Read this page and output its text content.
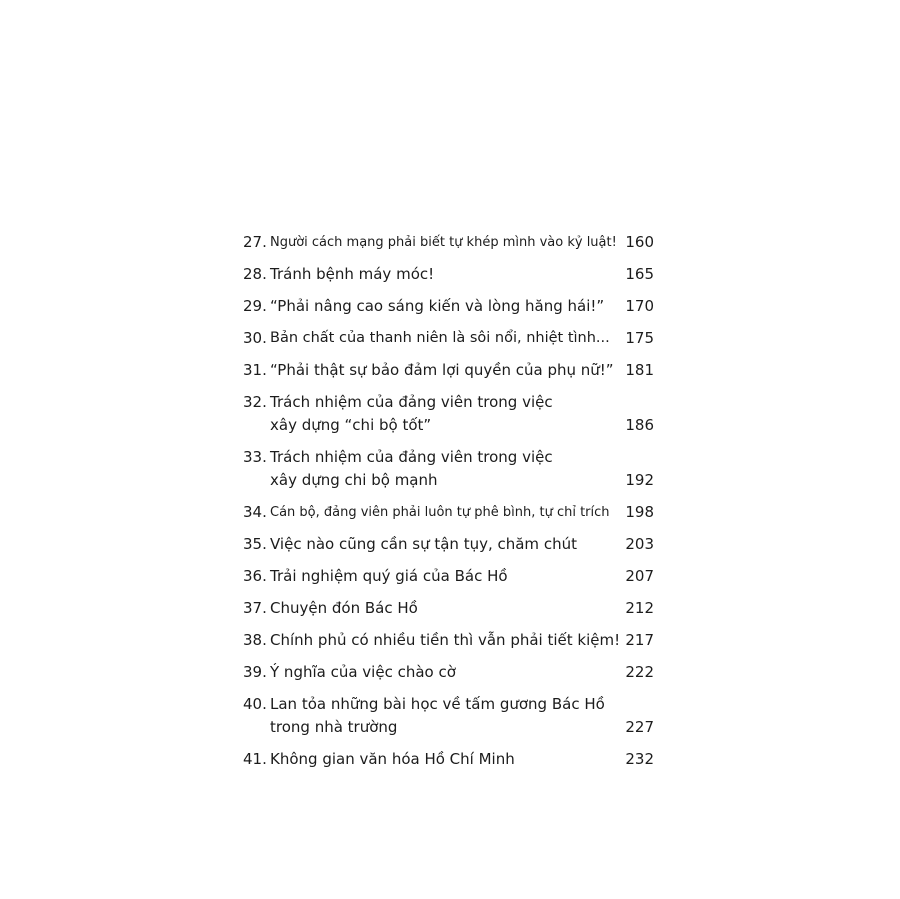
27. Người cách mạng phải biết tự khép mình vào kỷ luật! 160
28. Tránh bệnh máy móc!	165
29. “Phải nâng cao sáng kiến và lòng hăng hái!”	170
30. Bản chất của thanh niên là sôi nổi, nhiệt tình...	175
31. “Phải thật sự bảo đảm lợi quyền của phụ nữ!” 181
32. Trách nhiệm của đảng viên trong việc
xây dựng “chi bộ tốt”	186
33. Trách nhiệm của đảng viên trong việc
xây dựng chi bộ mạnh	192
34. Cán bộ, đảng viên phải luôn tự phê bình, tự chỉ trích	198
35. Việc nào cũng cần sự tận tụy, chăm chút	203
36. Trải nghiệm quý giá của Bác Hồ	207
37. Chuyện đón Bác Hồ	212
38. Chính phủ có nhiều tiền thì vẫn phải tiết kiệm! 217
39. Ý nghĩa của việc chào cờ	222
40. Lan tỏa những bài học về tấm gương Bác Hồ
trong nhà trường	227
41. Không gian văn hóa Hồ Chí Minh	232
